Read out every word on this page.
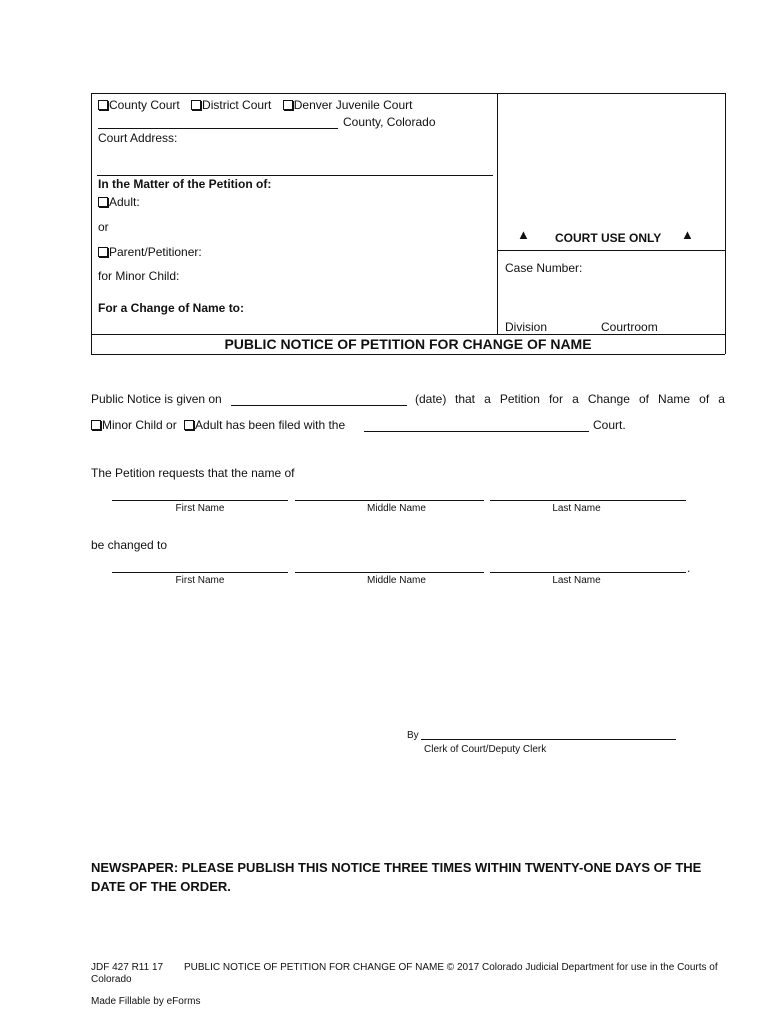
County Court District Court Denver Juvenile Court
County, Colorado
Court Address:
In the Matter of the Petition of:
Adult:
or
Parent/Petitioner:
for Minor Child:
For a Change of Name to:
▲ COURT USE ONLY ▲
Case Number:
Division	Courtroom
PUBLIC NOTICE OF PETITION FOR CHANGE OF NAME
Public Notice is given on	(date) that a Petition for a Change of Name of a
Minor Child or Adult has been filed with the	Court.
The Petition requests that the name of
First Name	Middle Name	Last Name
be changed to
.
First Name	Middle Name	Last Name
By
Clerk of Court/Deputy Clerk
NEWSPAPER: PLEASE PUBLISH THIS NOTICE THREE TIMES WITHIN TWENTY-ONE DAYS OF THE DATE OF THE ORDER.
JDF 427 R11 17 PUBLIC NOTICE OF PETITION FOR CHANGE OF NAME © 2017 Colorado Judicial Department for use in the Courts of
Colorado
Made Fillable by eForms
